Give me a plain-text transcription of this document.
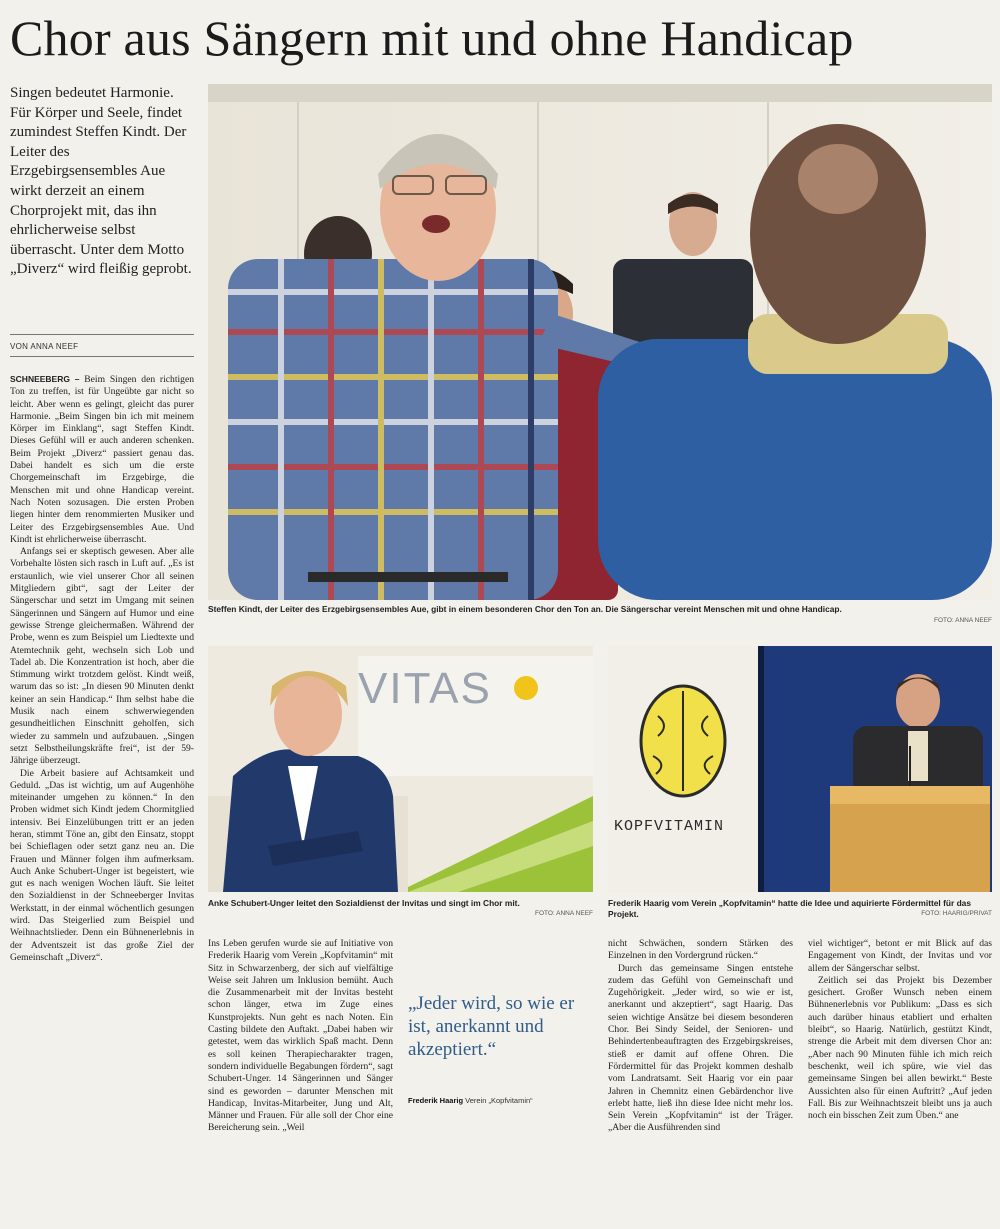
Chor aus Sängern mit und ohne Handicap
Singen bedeutet Harmonie. Für Körper und Seele, findet zumindest Steffen Kindt. Der Leiter des Erzgebirgsensembles Aue wirkt derzeit an einem Chorprojekt mit, das ihn ehrlicherweise selbst überrascht. Unter dem Motto „Diverz“ wird fleißig geprobt.
VON ANNA NEEF

SCHNEEBERG – Beim Singen den richtigen Ton zu treffen, ist für Ungeübte gar nicht so leicht. Aber wenn es gelingt, gleicht das purer Harmonie. „Beim Singen bin ich mit meinem Körper im Einklang“, sagt Steffen Kindt. Dieses Gefühl will er auch anderen schenken. Beim Projekt „Diverz“ passiert genau das. Dabei handelt es sich um die erste Chorgemeinschaft im Erzgebirge, die Menschen mit und ohne Handicap vereint. Nach Noten sozusagen. Die ersten Proben liegen hinter dem renommierten Musiker und Leiter des Erzgebirgsensembles Aue. Und Kindt ist ehrlicherweise überrascht.

Anfangs sei er skeptisch gewesen. Aber alle Vorbehalte lösten sich rasch in Luft auf. „Es ist erstaunlich, wie viel unserer Chor all seinen Mitgliedern gibt“, sagt der Leiter der Sängerschar und setzt im Umgang mit seinen Sängerinnen und Sängern auf Humor und eine gewisse Strenge gleichermaßen. Während der Probe, wenn es zum Beispiel um Liedtexte und Atemtechnik geht, wechseln sich Lob und Tadel ab. Die Konzentration ist hoch, aber die Stimmung wirkt trotzdem gelöst. Kindt weiß, warum das so ist: „In diesen 90 Minuten denkt keiner an sein Handicap.“ Ihm selbst habe die Musik nach einem schwerwiegenden gesundheitlichen Einschnitt geholfen, sich wieder zu sammeln und aufzubauen. „Singen setzt Selbstheilungskräfte frei“, ist der 59-Jährige überzeugt.

Die Arbeit basiere auf Achtsamkeit und Geduld. „Das ist wichtig, um auf Augenhöhe miteinander umgehen zu können.“ In den Proben widmet sich Kindt jedem Chormitglied intensiv. Bei Einzelübungen tritt er an jeden heran, stimmt Töne an, gibt den Einsatz, stoppt bei Schieflagen oder setzt ganz neu an. Die Frauen und Männer folgen ihm aufmerksam. Auch Anke Schubert-Unger ist begeistert, wie gut es nach wenigen Wochen läuft. Sie leitet den Sozialdienst in der Schneeberger Invitas Werkstatt, in der einmal wöchentlich gesungen wird. Das Steigerlied zum Beispiel und Weihnachtslieder. Denn ein Bühnenerlebnis in der Adventszeit ist das große Ziel der Gemeinschaft „Diverz“.

Steffen Kindt, der Leiter des Erzgebirgsensembles Aue, gibt in einem besonderen Chor den Ton an. Die Sängerschar vereint Menschen mit und ohne Handicap.
FOTO: ANNA NEEF
VITAS
Anke Schubert-Unger leitet den Sozialdienst der Invitas und singt im Chor mit.
FOTO: ANNA NEEF
KOPFVITAMIN
Frederik Haarig vom Verein „Kopfvitamin“ hatte die Idee und aquirierte Fördermittel für das Projekt.	FOTO: HAARIG/PRIVAT

Ins Leben gerufen wurde sie auf Initiative von Frederik Haarig vom Verein „Kopfvitamin“ mit Sitz in Schwarzenberg, der sich auf vielfältige Weise seit Jahren um Inklusion bemüht. Auch die Zusammenarbeit mit der Invitas besteht schon länger, etwa im Zuge eines Kunstprojekts. Nun geht es nach Noten. Ein Casting bildete den Auftakt. „Dabei haben wir getestet, wem das wirklich Spaß macht. Denn es soll keinen Therapiecharakter tragen, sondern individuelle Begabungen fördern“, sagt Schubert-Unger. 14 Sängerinnen und Sänger sind es geworden – darunter Menschen mit Handicap, Invitas-Mitarbeiter, Jung und Alt, Männer und Frauen. Für alle soll der Chor eine Bereicherung sein. „Weil

„Jeder wird, so wie er ist, anerkannt und akzeptiert.“
Frederik Haarig Verein „Kopfvitamin“

nicht Schwächen, sondern Stärken des Einzelnen in den Vordergrund rücken.“

Durch das gemeinsame Singen entstehe zudem das Gefühl von Gemeinschaft und Zugehörigkeit. „Jeder wird, so wie er ist, anerkannt und akzeptiert“, sagt Haarig. Das seien wichtige Ansätze bei diesem besonderen Chor. Bei Sindy Seidel, der Senioren- und Behindertenbeauftragten des Erzgebirgskreises, stieß er damit auf offene Ohren. Die Fördermittel für das Projekt kommen deshalb vom Landratsamt. Seit Haarig vor ein paar Jahren in Chemnitz einen Gebärdenchor live erlebt hatte, ließ ihn diese Idee nicht mehr los. Sein Verein „Kopfvitamin“ ist der Träger. „Aber die Ausführenden sind

viel wichtiger“, betont er mit Blick auf das Engagement von Kindt, der Invitas und vor allem der Sängerschar selbst.

Zeitlich sei das Projekt bis Dezember gesichert. Großer Wunsch neben einem Bühnenerlebnis vor Publikum: „Dass es sich auch darüber hinaus etabliert und erhalten bleibt“, so Haarig. Natürlich, gestützt Kindt, strenge die Arbeit mit dem diversen Chor an: „Aber nach 90 Minuten fühle ich mich reich beschenkt, weil ich spüre, wie viel das gemeinsame Singen bei allen bewirkt.“ Beste Aussichten also für einen Auftritt? „Auf jeden Fall. Bis zur Weihnachtszeit bleibt uns ja auch noch ein bisschen Zeit zum Üben.“ ane
